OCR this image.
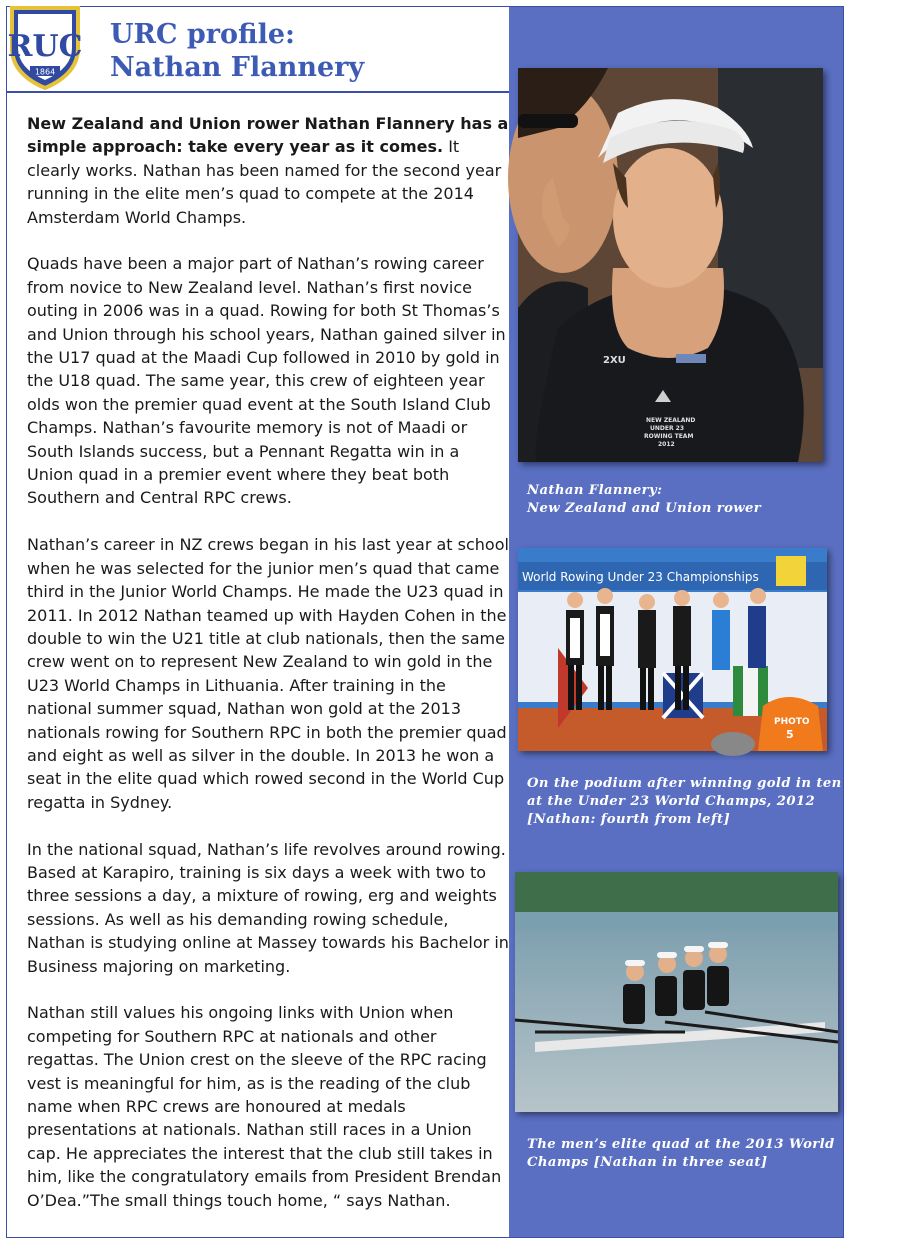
RUC
1864
URC profile:
Nathan Flannery

New Zealand and Union rower Nathan Flannery has a simple approach: take every year as it comes. It clearly works. Nathan has been named for the second year running in the elite men’s quad to compete at the 2014 Amsterdam World Champs.

Quads have been a major part of Nathan’s rowing career from novice to New Zealand level. Nathan’s first novice outing in 2006 was in a quad. Rowing for both St Thomas’s and Union through his school years, Nathan gained silver in the U17 quad at the Maadi Cup followed in 2010 by gold in the U18 quad. The same year, this crew of eighteen year olds won the premier quad event at the South Island Club Champs. Nathan’s favourite memory is not of Maadi or South Islands success, but a Pennant Regatta win in a Union quad in a premier event where they beat both Southern and Central RPC crews.

Nathan’s career in NZ crews began in his last year at school when he was selected for the junior men’s quad that came third in the Junior World Champs. He made the U23 quad in 2011. In 2012 Nathan teamed up with Hayden Cohen in the double to win the U21 title at club nationals, then the same crew went on to represent New Zealand to win gold in the U23 World Champs in Lithuania. After training in the national summer squad, Nathan won gold at the 2013 nationals rowing for Southern RPC in both the premier quad and eight as well as silver in the double. In 2013 he won a seat in the elite quad which rowed second in the World Cup regatta in Sydney.

In the national squad, Nathan’s life revolves around rowing. Based at Karapiro, training is six days a week with two to three sessions a day, a mixture of rowing, erg and weights sessions. As well as his demanding rowing schedule, Nathan is studying online at Massey towards his Bachelor in Business majoring on marketing.

Nathan still values his ongoing links with Union when competing for Southern RPC at nationals and other regattas. The Union crest on the sleeve of the RPC racing vest is meaningful for him, as is the reading of the club name when RPC crews are honoured at medals presentations at nationals. Nathan still races in a Union cap. He appreciates the interest that the club still takes in him, like the congratulatory emails from President Brendan O’Dea.”The small things touch home, “ says Nathan.

2XU
NEW ZEALAND
UNDER 23
ROWING TEAM
2012
World Rowing Under 23 Championships
PHOTO
5
Nathan Flannery:
New Zealand and Union rower
On the podium after winning gold in ten double
at the Under 23 World Champs, 2012
[Nathan: fourth from left]
The men’s elite quad at the 2013 World
Champs [Nathan in three seat]
